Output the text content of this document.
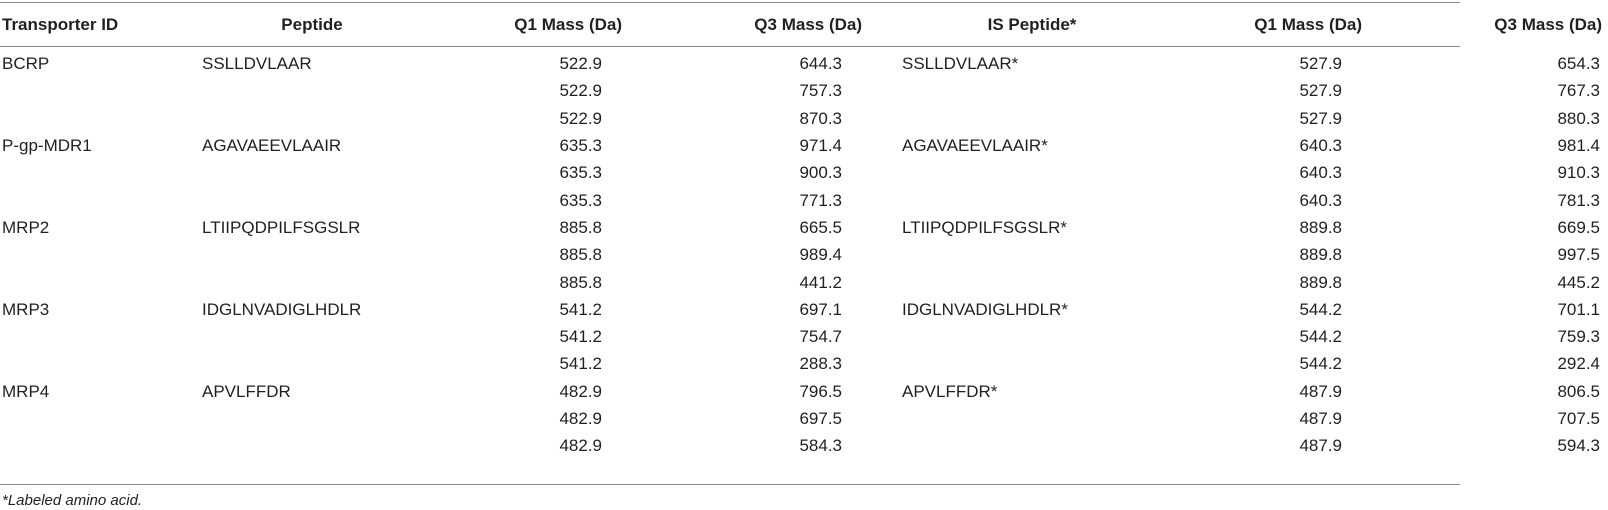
Transporter ID	Peptide	Q1 Mass (Da)	Q3 Mass (Da)	IS Peptide*	Q1 Mass (Da)	Q3 Mass (Da)
BCRP	SSLLDVLAAR	522.9	644.3	SSLLDVLAAR*	527.9	654.3
		522.9	757.3		527.9	767.3
		522.9	870.3		527.9	880.3
P-gp-MDR1	AGAVAEEVLAAIR	635.3	971.4	AGAVAEEVLAAIR*	640.3	981.4
		635.3	900.3		640.3	910.3
		635.3	771.3		640.3	781.3
MRP2	LTIIPQDPILFSGSLR	885.8	665.5	LTIIPQDPILFSGSLR*	889.8	669.5
		885.8	989.4		889.8	997.5
		885.8	441.2		889.8	445.2
MRP3	IDGLNVADIGLHDLR	541.2	697.1	IDGLNVADIGLHDLR*	544.2	701.1
		541.2	754.7		544.2	759.3
		541.2	288.3		544.2	292.4
MRP4	APVLFFDR	482.9	796.5	APVLFFDR*	487.9	806.5
		482.9	697.5		487.9	707.5
		482.9	584.3		487.9	594.3
*Labeled amino acid.
